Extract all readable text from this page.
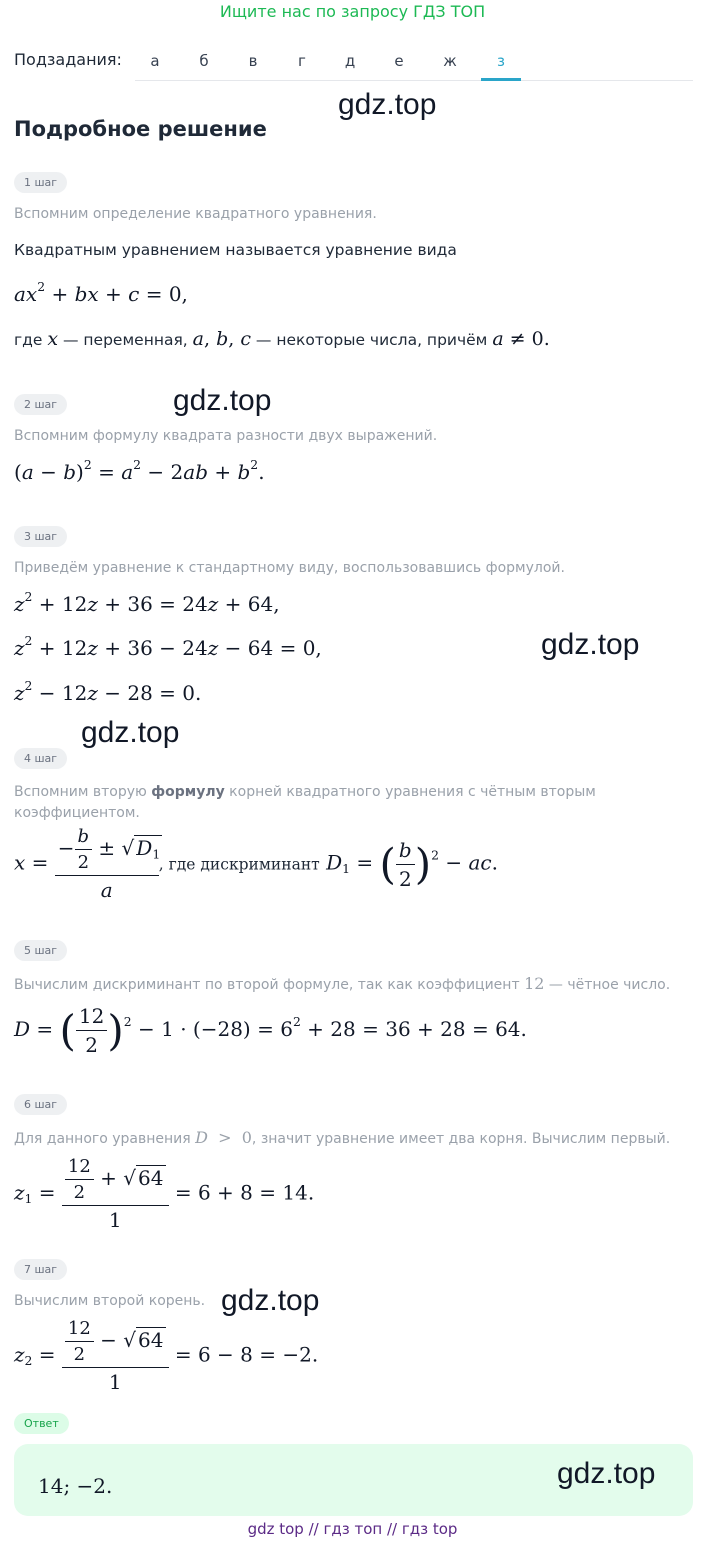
Ищите нас по запросу ГДЗ ТОП
Подзадания:	а	б	в	г	д	е	ж	з
gdz.top
Подробное решение
1 шаг
Вспомним определение квадратного уравнения.
Квадратным уравнением называется уравнение вида
$ax^2$ + bx + c = 0,
где x — переменная, a, b, c — некоторые числа, причём a ≠ 0.
2 шаг	gdz.top
Вспомним формулу квадрата разности двух выражений.
$(a - b)^2 = a^2 - 2ab + b^2$.
3 шаг
Приведём уравнение к стандартному виду, воспользовавшись формулой.
$z^2 + 12z + 36 = 24z + 64$,
$z^2 + 12z + 36 - 24z - 64 = 0$,	gdz.top
$z^2 - 12z - 28 = 0$.
gdz.top
4 шаг
Вспомним вторую формулу корней квадратного уравнения с чётным вторым коэффициентом.
$x = \frac{- \frac{b}{2} \pm √ D_1}{a}$ , где дискриминант $D_1$ = ( $\frac{b}{2} )^2$ − ac.
5 шаг
Вычислим дискриминант по второй формуле, так как коэффициент 12 — чётное число.
D = ( $\frac{12}{2} )^2 - 1 \cdot (-28) = 6^2 + 28 = 36 + 28 = 64$.
6 шаг
Для данного уравнения D  >  0, значит уравнение имеет два корня. Вычислим первый.
$z_1 = \frac{\frac{12}{2} + √ 64}{1} = 6 + 8 = 14$.
7 шаг
Вычислим второй корень. gdz.top
$z_2 = \frac{\frac{12}{2} - √ 64}{1} = 6 - 8 = -2$.
Ответ
14; −2.	gdz.top
gdz top // гдз топ // гдз top
